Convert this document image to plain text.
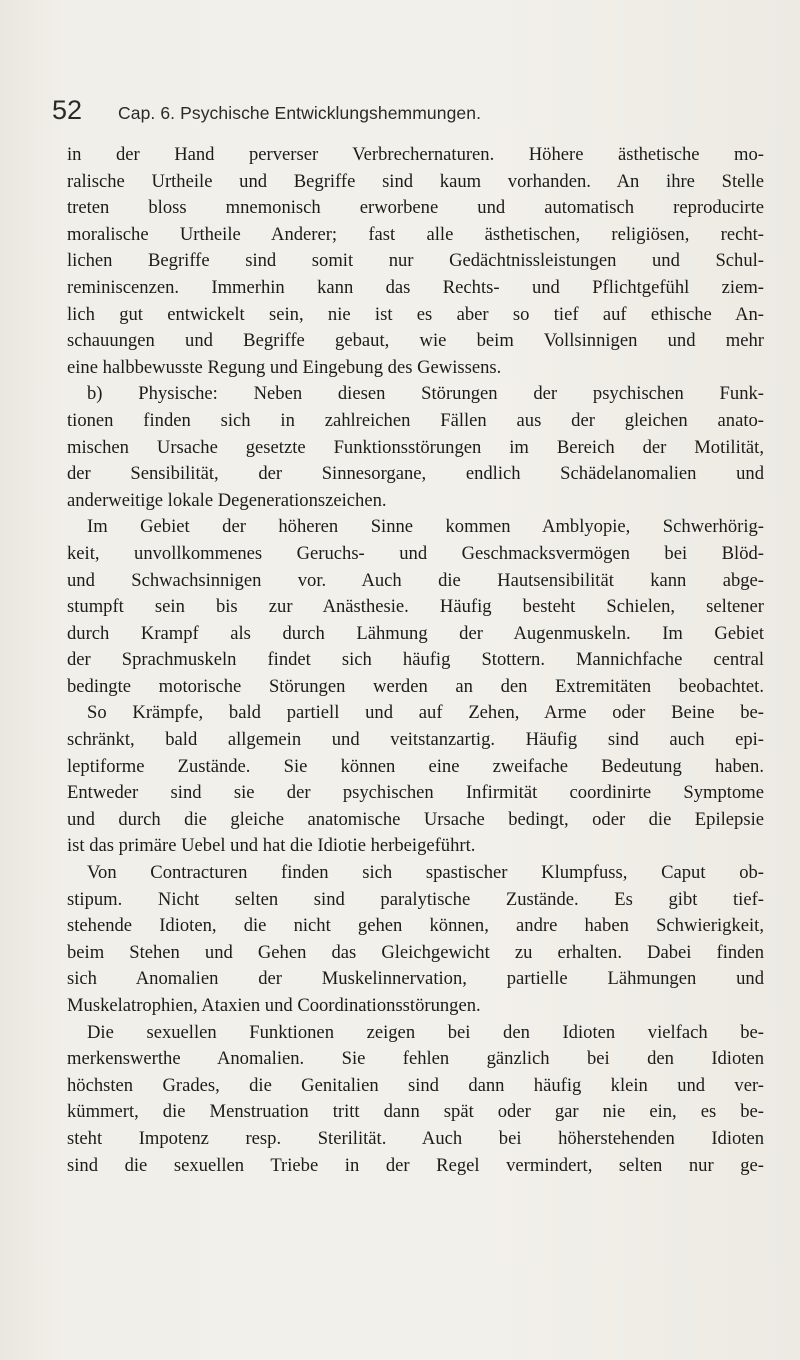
52	Cap. 6. Psychische Entwicklungshemmungen.
in der Hand perverser Verbrechernaturen. Höhere ästhetische mo-
ralische Urtheile und Begriffe sind kaum vorhanden. An ihre Stelle
treten bloss mnemonisch erworbene und automatisch reproducirte
moralische Urtheile Anderer; fast alle ästhetischen, religiösen, recht-
lichen Begriffe sind somit nur Gedächtnissleistungen und Schul-
reminiscenzen. Immerhin kann das Rechts- und Pflichtgefühl ziem-
lich gut entwickelt sein, nie ist es aber so tief auf ethische An-
schauungen und Begriffe gebaut, wie beim Vollsinnigen und mehr
eine halbbewusste Regung und Eingebung des Gewissens.
b) Physische: Neben diesen Störungen der psychischen Funk-
tionen finden sich in zahlreichen Fällen aus der gleichen anato-
mischen Ursache gesetzte Funktionsstörungen im Bereich der Motilität,
der Sensibilität, der Sinnesorgane, endlich Schädelanomalien und
anderweitige lokale Degenerationszeichen.
Im Gebiet der höheren Sinne kommen Amblyopie, Schwerhörig-
keit, unvollkommenes Geruchs- und Geschmacksvermögen bei Blöd-
und Schwachsinnigen vor. Auch die Hautsensibilität kann abge-
stumpft sein bis zur Anästhesie. Häufig besteht Schielen, seltener
durch Krampf als durch Lähmung der Augenmuskeln. Im Gebiet
der Sprachmuskeln findet sich häufig Stottern. Mannichfache central
bedingte motorische Störungen werden an den Extremitäten beobachtet.
So Krämpfe, bald partiell und auf Zehen, Arme oder Beine be-
schränkt, bald allgemein und veitstanzartig. Häufig sind auch epi-
leptiforme Zustände. Sie können eine zweifache Bedeutung haben.
Entweder sind sie der psychischen Infirmität coordinirte Symptome
und durch die gleiche anatomische Ursache bedingt, oder die Epilepsie
ist das primäre Uebel und hat die Idiotie herbeigeführt.
Von Contracturen finden sich spastischer Klumpfuss, Caput ob-
stipum. Nicht selten sind paralytische Zustände. Es gibt tief-
stehende Idioten, die nicht gehen können, andre haben Schwierigkeit,
beim Stehen und Gehen das Gleichgewicht zu erhalten. Dabei finden
sich Anomalien der Muskelinnervation, partielle Lähmungen und
Muskelatrophien, Ataxien und Coordinationsstörungen.
Die sexuellen Funktionen zeigen bei den Idioten vielfach be-
merkenswerthe Anomalien. Sie fehlen gänzlich bei den Idioten
höchsten Grades, die Genitalien sind dann häufig klein und ver-
kümmert, die Menstruation tritt dann spät oder gar nie ein, es be-
steht Impotenz resp. Sterilität. Auch bei höherstehenden Idioten
sind die sexuellen Triebe in der Regel vermindert, selten nur ge-
